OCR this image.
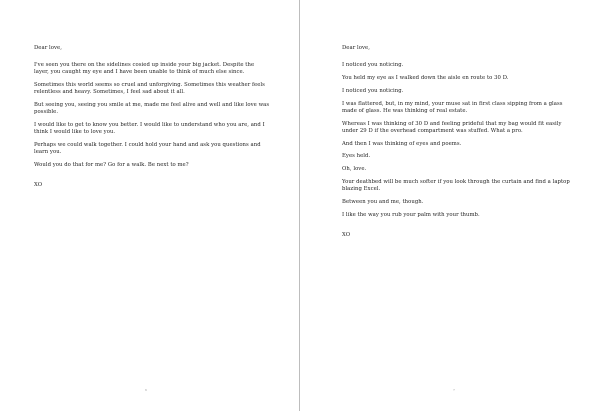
Dear love,

I've seen you there on the sidelines cosied up inside your big jacket. Despite the layer, you caught my eye and I have been unable to think of much else since.

Sometimes this world seems so cruel and unforgiving. Sometimes this weather feels relentless and heavy. Sometimes, I feel sad about it all.

But seeing you, seeing you smile at me, made me feel alive and well and like love was possible.

I would like to get to know you better. I would like to understand who you are, and I think I would like to love you.

Perhaps we could walk together. I could hold your hand and ask you questions and learn you.

Would you do that for me? Go for a walk. Be next to me?

XO

6

Dear love,

I noticed you noticing.

You held my eye as I walked down the aisle en route to 30 D.

I noticed you noticing.

I was flattered, but, in my mind, your muse sat in first class sipping from a glass made of glass. He was thinking of real estate.

Whereas I was thinking of 30 D and feeling prideful that my bag would fit easily under 29 D if the overhead compartment was stuffed. What a pro.

And then I was thinking of eyes and poems.

Eyes held.

Oh, love.

Your deathbed will be much softer if you look through the curtain and find a laptop blazing Excel.

Between you and me, though.

I like the way you rub your palm with your thumb.

XO

7
